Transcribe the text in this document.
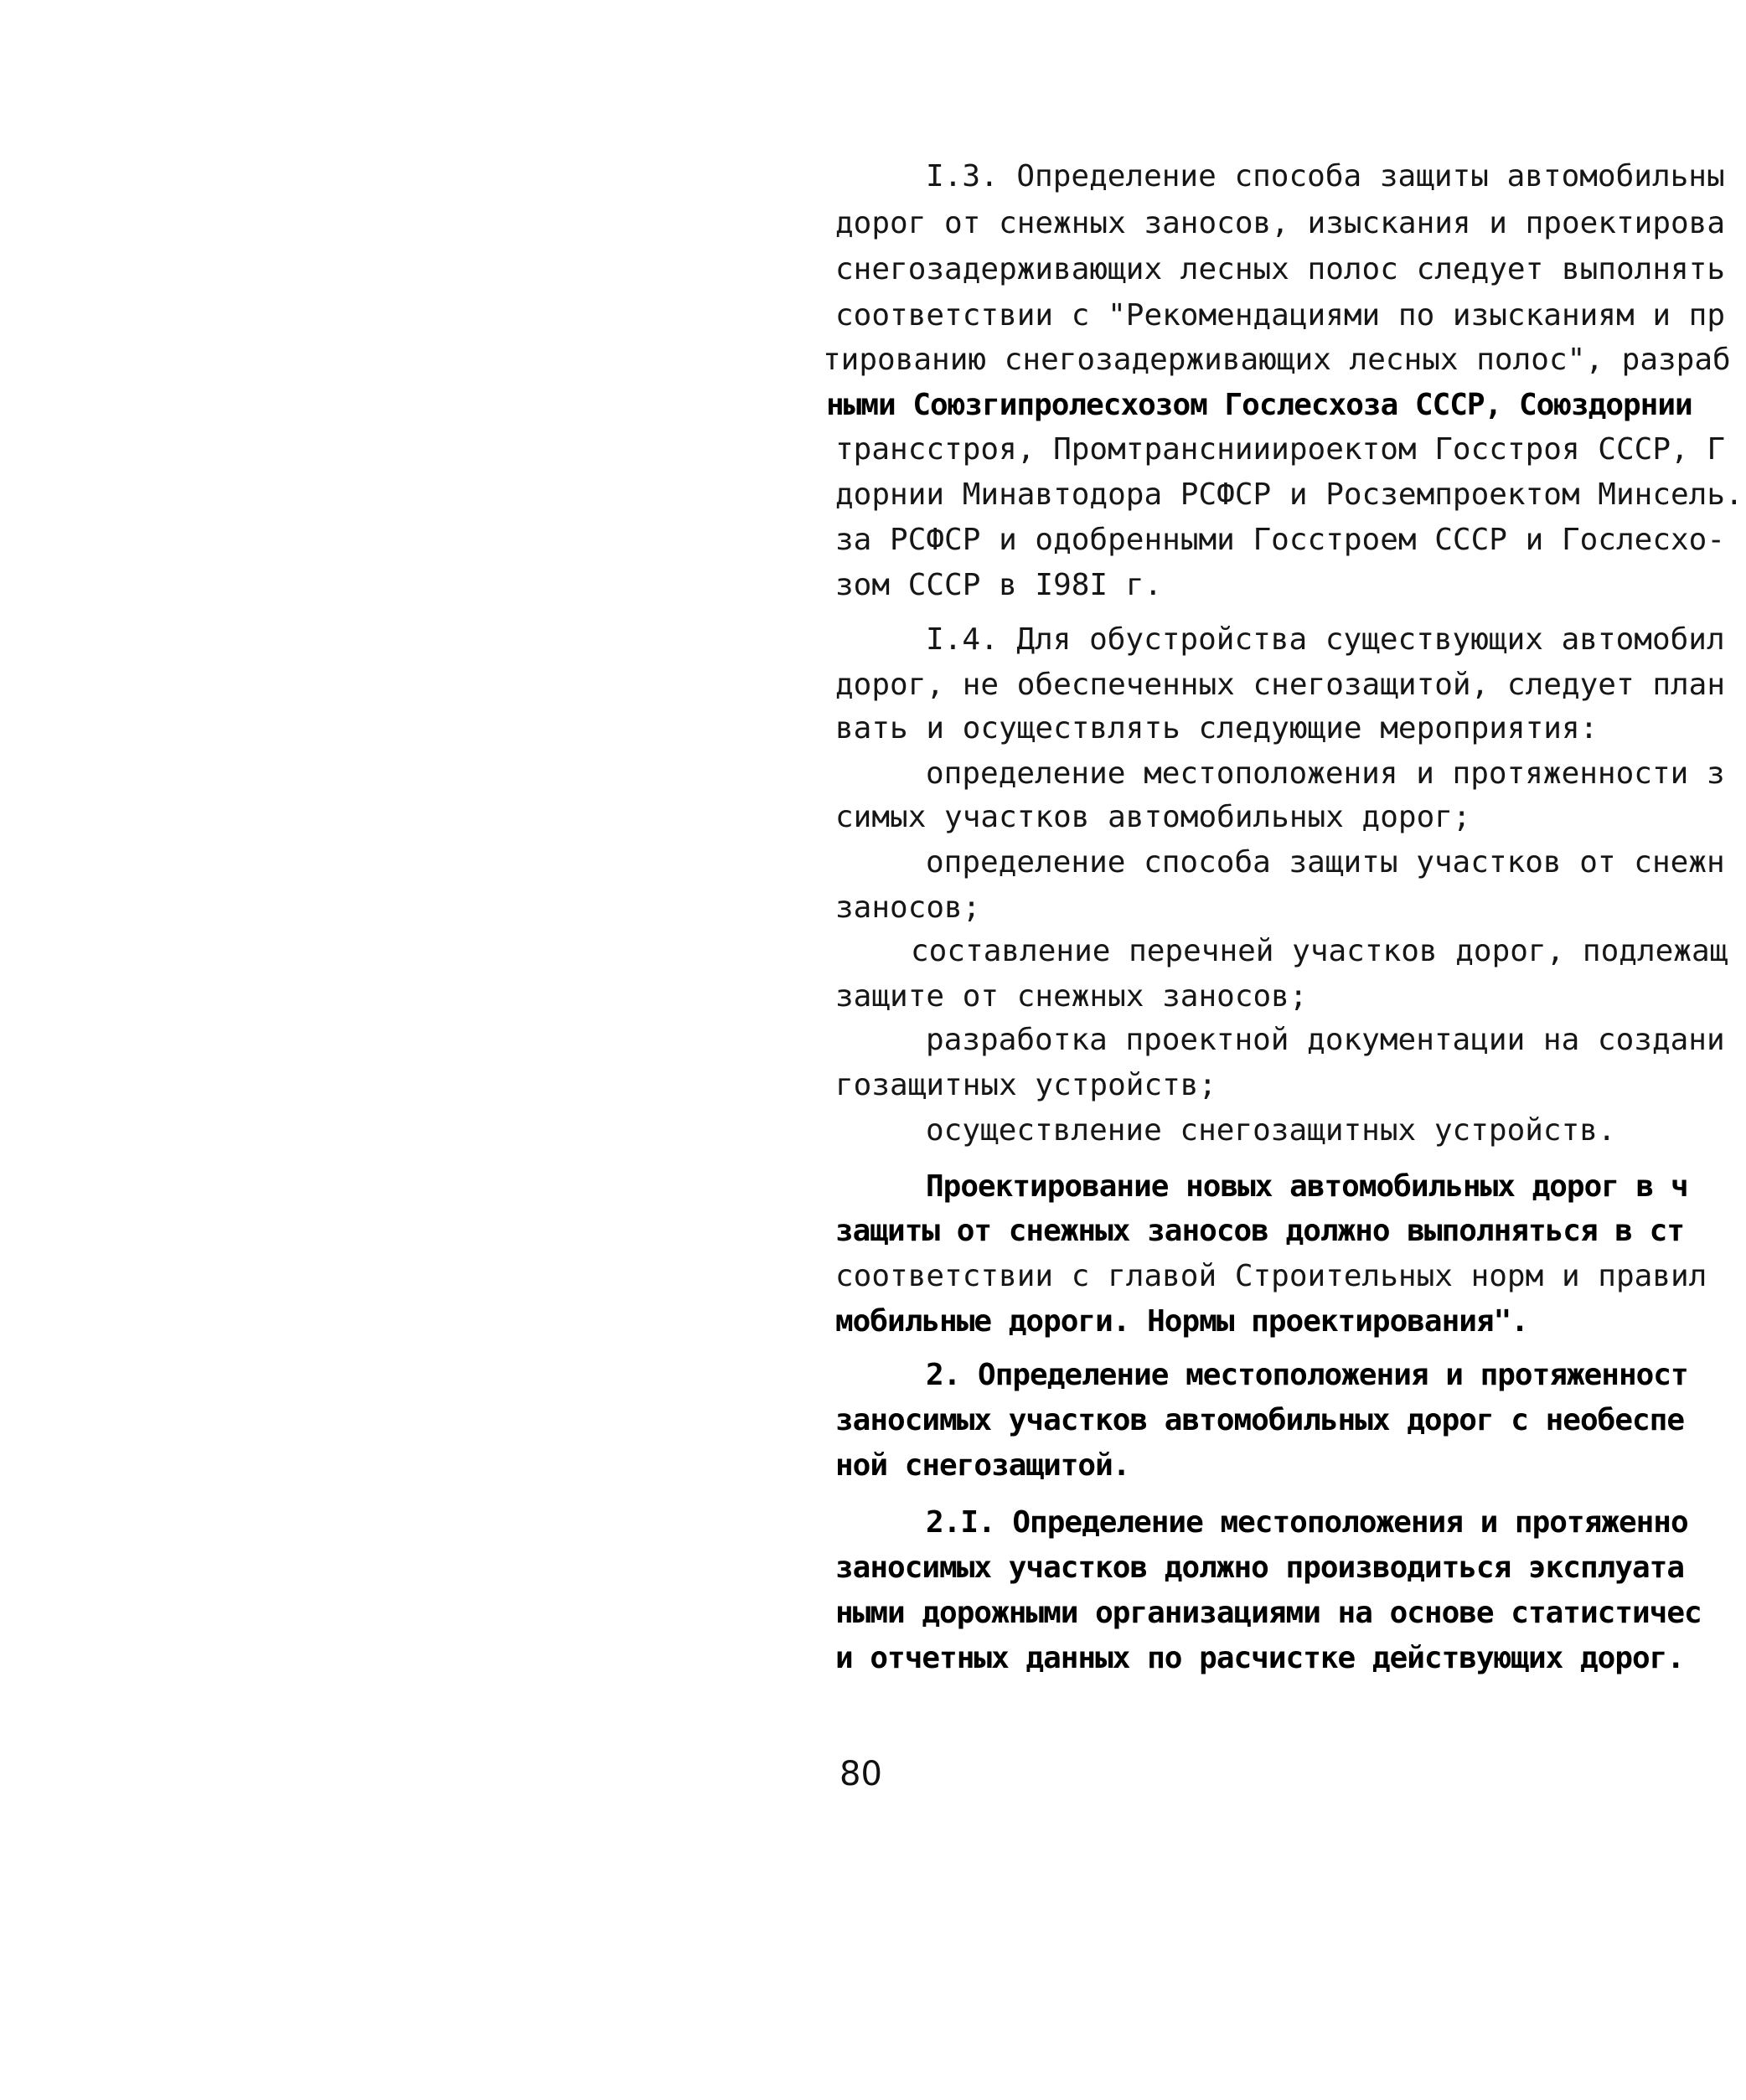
I.3. Определение способа защиты автомобильны
дорог от снежных заносов, изыскания и проектирова
снегозадерживающих лесных полос следует выполнять
соответствии с "Рекомендациями по изысканиям и пр
тированию снегозадерживающих лесных полос", разраб
ными Союзгипролесхозом Гослесхоза СССР, Союздорнии
трансстроя, Промтранснииироектом Госстроя СССР, Г
дорнии Минавтодора РСФСР и Росземпроектом Минсель.
за РСФСР и одобренными Госстроем СССР и Гослесхо-
зом СССР в I98I г.
I.4. Для обустройства существующих автомобил
дорог, не обеспеченных снегозащитой, следует план
вать и осуществлять следующие мероприятия:
определение местоположения и протяженности з
симых участков автомобильных дорог;
определение способа защиты участков от снежн
заносов;
составление перечней участков дорог, подлежащ
защите от снежных заносов;
разработка проектной документации на создани
гозащитных устройств;
осуществление снегозащитных устройств.
Проектирование новых автомобильных дорог в ч
защиты от снежных заносов должно выполняться в ст
соответствии с главой Строительных норм и правил
мобильные дороги. Нормы проектирования".
2. Определение местоположения и протяженност
заносимых участков автомобильных дорог с необеспе
ной снегозащитой.
2.I. Определение местоположения и протяженно
заносимых участков должно производиться эксплуата
ными дорожными организациями на основе статистичес
и отчетных данных по расчистке действующих дорог.
80
